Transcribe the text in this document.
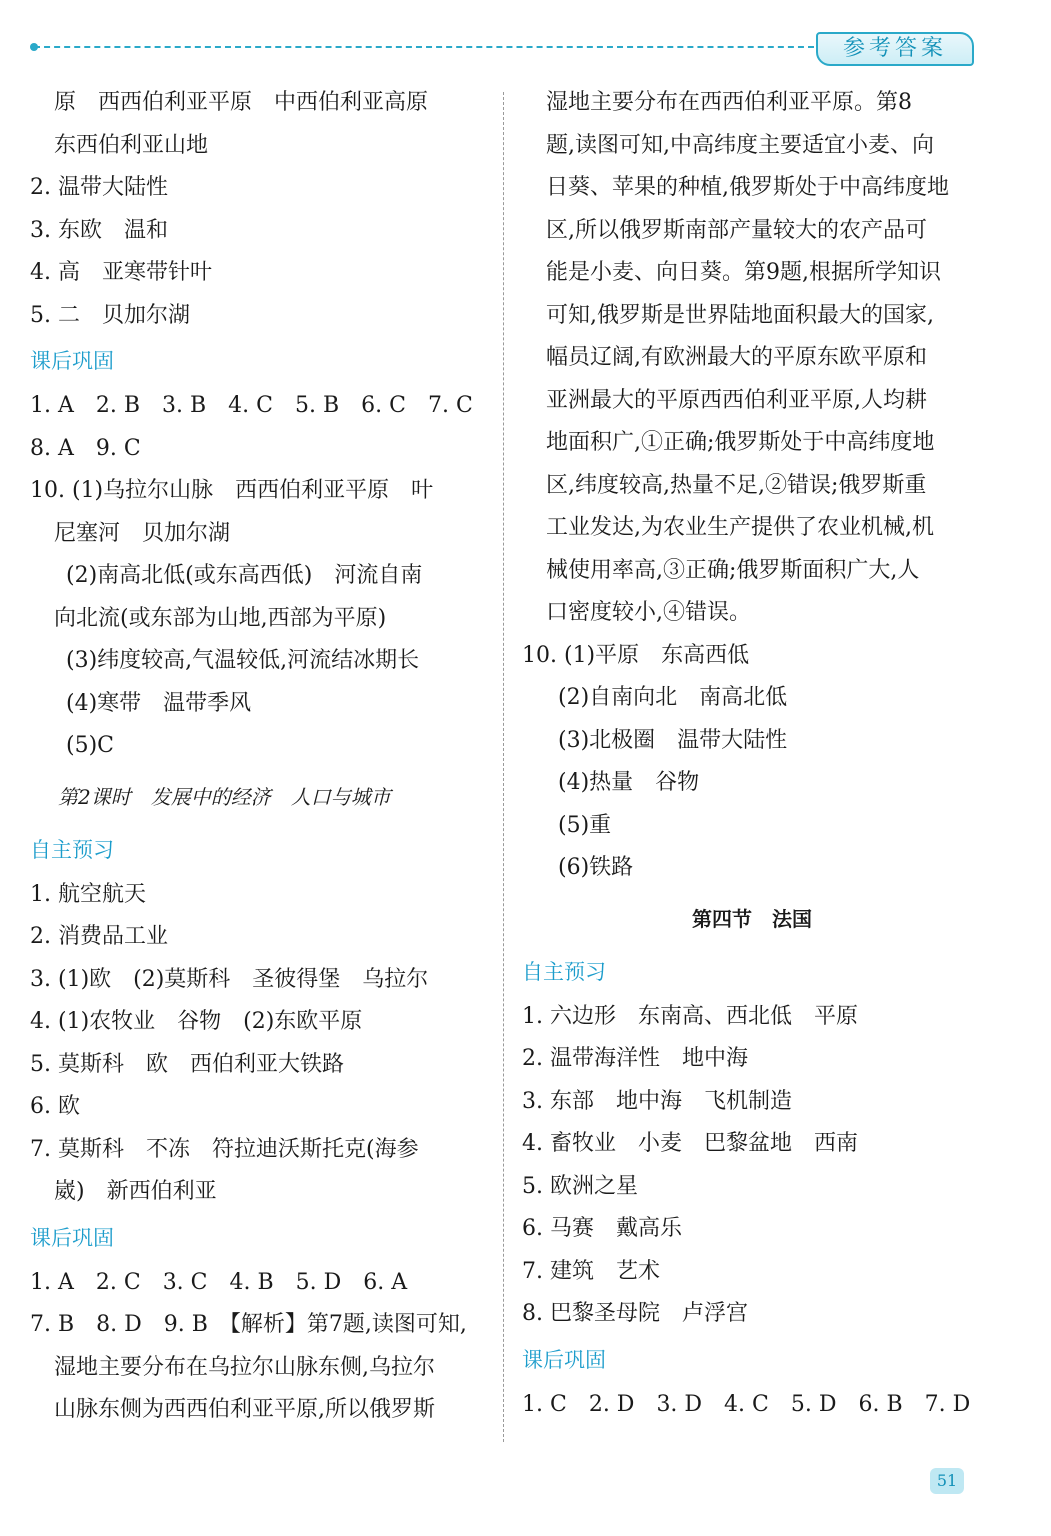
参考答案
原　西西伯利亚平原　中西伯利亚高原
东西伯利亚山地
2. 温带大陆性
3. 东欧　温和
4. 高　亚寒带针叶
5. 二　贝加尔湖
课后巩固
1. A　2. B　3. B　4. C　5. B　6. C　7. C
8. A　9. C
10. (1)乌拉尔山脉　西西伯利亚平原　叶
尼塞河　贝加尔湖
(2)南高北低(或东高西低)　河流自南
向北流(或东部为山地,西部为平原)
(3)纬度较高,气温较低,河流结冰期长
(4)寒带　温带季风
(5)C
第2课时　发展中的经济　人口与城市
自主预习
1. 航空航天
2. 消费品工业
3. (1)欧　(2)莫斯科　圣彼得堡　乌拉尔
4. (1)农牧业　谷物　(2)东欧平原
5. 莫斯科　欧　西伯利亚大铁路
6. 欧
7. 莫斯科　不冻　符拉迪沃斯托克(海参
崴)　新西伯利亚
课后巩固
1. A　2. C　3. C　4. B　5. D　6. A
7. B　8. D　9. B　【解析】第7题,读图可知,
湿地主要分布在乌拉尔山脉东侧,乌拉尔
山脉东侧为西西伯利亚平原,所以俄罗斯
湿地主要分布在西西伯利亚平原。第8
题,读图可知,中高纬度主要适宜小麦、向
日葵、苹果的种植,俄罗斯处于中高纬度地
区,所以俄罗斯南部产量较大的农产品可
能是小麦、向日葵。第9题,根据所学知识
可知,俄罗斯是世界陆地面积最大的国家,
幅员辽阔,有欧洲最大的平原东欧平原和
亚洲最大的平原西西伯利亚平原,人均耕
地面积广,①正确;俄罗斯处于中高纬度地
区,纬度较高,热量不足,②错误;俄罗斯重
工业发达,为农业生产提供了农业机械,机
械使用率高,③正确;俄罗斯面积广大,人
口密度较小,④错误。
10. (1)平原　东高西低
(2)自南向北　南高北低
(3)北极圈　温带大陆性
(4)热量　谷物
(5)重
(6)铁路
第四节　法国
自主预习
1. 六边形　东南高、西北低　平原
2. 温带海洋性　地中海
3. 东部　地中海　飞机制造
4. 畜牧业　小麦　巴黎盆地　西南
5. 欧洲之星
6. 马赛　戴高乐
7. 建筑　艺术
8. 巴黎圣母院　卢浮宫
课后巩固
1. C　2. D　3. D　4. C　5. D　6. B　7. D
51
